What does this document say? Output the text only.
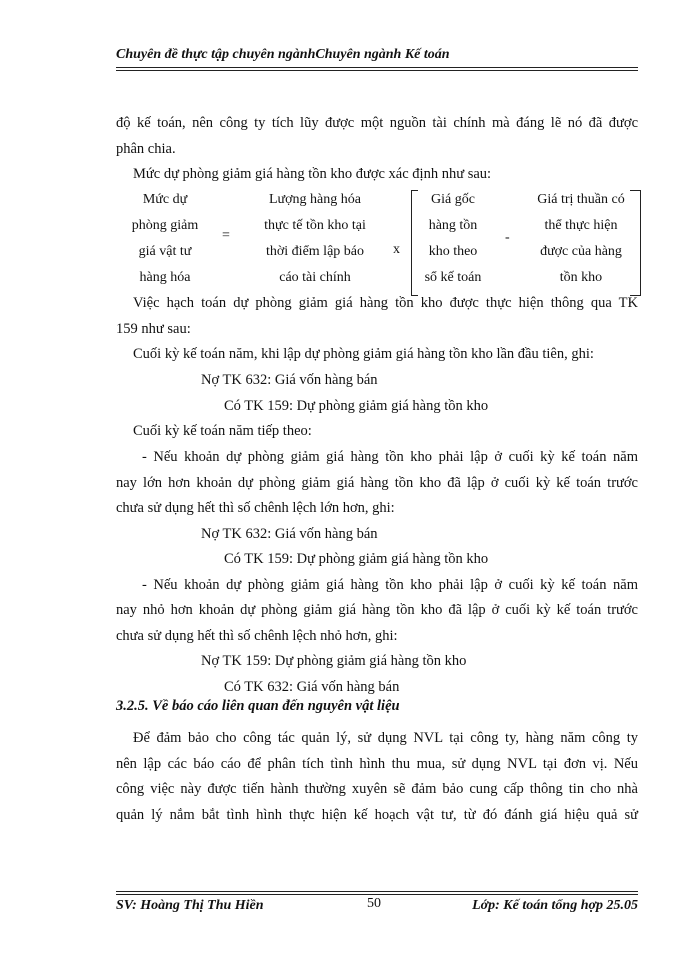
Chuyên đề thực tập chuyên ngànhChuyên ngành Kế toán
độ kế toán, nên công ty tích lũy được một nguồn tài chính mà đáng lẽ nó đã được
phân chia.
Mức dự phòng giảm giá hàng tồn kho được xác định như sau:
Mức dự
phòng giảm
giá vật tư
hàng hóa
=
Lượng hàng hóa
thực tế tồn kho tại
thời điểm lập báo
cáo tài chính
x
Giá gốc
hàng tồn
kho theo
sổ kế toán
-
Giá trị thuần có
thể thực hiện
được của hàng
tồn kho
Việc hạch toán dự phòng giảm giá hàng tồn kho được thực hiện thông qua TK
159 như sau:
Cuối kỳ kế toán năm, khi lập dự phòng giảm giá hàng tồn kho lần đầu tiên, ghi:
Nợ TK 632: Giá vốn hàng bán
Có TK 159: Dự phòng giảm giá hàng tồn kho
Cuối kỳ kế toán năm tiếp theo:
- Nếu khoản dự phòng giảm giá hàng tồn kho phải lập ở cuối kỳ kế toán năm
nay lớn hơn khoản dự phòng giảm giá hàng tồn kho đã lập ở cuối kỳ kế toán trước
chưa sử dụng hết thì số chênh lệch lớn hơn, ghi:
Nợ TK 632: Giá vốn hàng bán
Có TK 159: Dự phòng giảm giá hàng tồn kho
- Nếu khoản dự phòng giảm giá hàng tồn kho phải lập ở cuối kỳ kế toán năm
nay nhỏ hơn khoản dự phòng giảm giá hàng tồn kho đã lập ở cuối kỳ kế toán trước
chưa sử dụng hết thì số chênh lệch nhỏ hơn, ghi:
Nợ TK 159: Dự phòng giảm giá hàng tồn kho
Có TK 632: Giá vốn hàng bán
3.2.5. Về báo cáo liên quan đến nguyên vật liệu
Để đảm bảo cho công tác quản lý, sử dụng NVL tại công ty, hàng năm công ty
nên lập các báo cáo để phân tích tình hình thu mua, sử dụng NVL tại đơn vị. Nếu
công việc này được tiến hành thường xuyên sẽ đảm bảo cung cấp thông tin cho nhà
quản lý nắm bắt tình hình thực hiện kế hoạch vật tư, từ đó đánh giá hiệu quả sử
SV: Hoàng Thị Thu Hiền	50	Lớp: Kế toán tổng hợp 25.05
